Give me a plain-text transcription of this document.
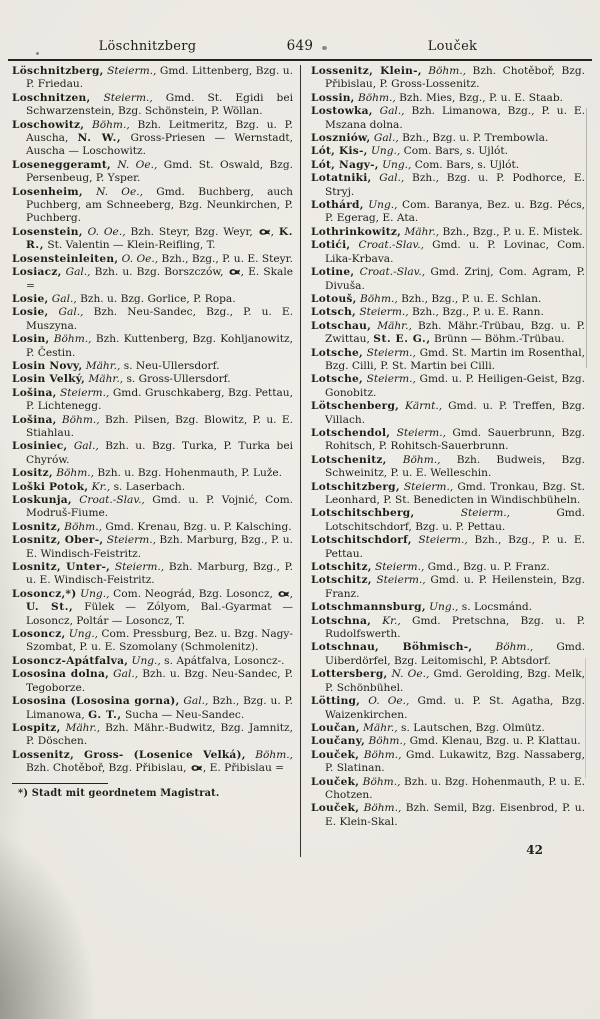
Löschnitzberg	649	Louček

Löschnitzberg, Steierm., Gmd. Littenberg, Bzg. u. P. Friedau.

Loschnitzen, Steierm., Gmd. St. Egidi bei Schwarzenstein, Bzg. Schönstein, P. Wöllan.

Loschowitz, Böhm., Bzh. Leitmeritz, Bzg. u. P. Auscha, N. W., Gross-Priesen — Wernstadt, Auscha — Loschowitz.

Loseneggeramt, N. Oe., Gmd. St. Oswald, Bzg. Persenbeug, P. Ysper.

Losenheim, N. Oe., Gmd. Buchberg, auch Puchberg, am Schneeberg, Bzg. Neunkirchen, P. Puchberg.

Losenstein, O. Oe., Bzh. Steyr, Bzg. Weyr,
, K. R., St. Valentin — Klein-Reifling, T.

Losensteinleiten, O. Oe., Bzh., Bzg., P. u. E. Steyr.

Losiacz, Gal., Bzh. u. Bzg. Borszczów,
, E. Skale =

Losie, Gal., Bzh. u. Bzg. Gorlice, P. Ropa.

Losie, Gal., Bzh. Neu-Sandec, Bzg., P. u. E. Muszyna.

Losin, Böhm., Bzh. Kuttenberg, Bzg. Kohljanowitz, P. Čestin.

Losin Novy, Mähr., s. Neu-Ullersdorf.

Losin Velký, Mähr., s. Gross-Ullersdorf.

Lošina, Steierm., Gmd. Gruschkaberg, Bzg. Pettau, P. Lichtenegg.

Lošina, Böhm., Bzh. Pilsen, Bzg. Blowitz, P. u. E. Stiahlau.

Losiniec, Gal., Bzh. u. Bzg. Turka, P. Turka bei Chyrów.

Lositz, Böhm., Bzh. u. Bzg. Hohenmauth, P. Luže.

Loški Potok, Kr., s. Laserbach.

Loskunja, Croat.-Slav., Gmd. u. P. Vojnić, Com. Modruš-Fiume.

Losnitz, Böhm., Gmd. Krenau, Bzg. u. P. Kalsching.

Losnitz, Ober-, Steierm., Bzh. Marburg, Bzg., P. u. E. Windisch-Feistritz.

Losnitz, Unter-, Steierm., Bzh. Marburg, Bzg., P. u. E. Windisch-Feistritz.

Losoncz,*) Ung., Com. Neográd, Bzg. Losoncz,
, U. St., Fülek — Zólyom, Bal.-Gyarmat — Losoncz, Poltár — Losoncz, T.

Losoncz, Ung., Com. Pressburg, Bez. u. Bzg. Nagy-Szombat, P. u. E. Szomolany (Schmolenitz).

Losoncz-Apátfalva, Ung., s. Apátfalva, Losoncz-.

Lososina dolna, Gal., Bzh. u. Bzg. Neu-Sandec, P. Tegoborze.

Lososina (Lososina gorna), Gal., Bzh., Bzg. u. P. Limanowa, G. T., Sucha — Neu-Sandec.

Lospitz, Mähr., Bzh. Mähr.-Budwitz, Bzg. Jamnitz, P. Döschen.

Lossenitz, Gross- (Losenice Velká), Böhm., Bzh. Chotěboř, Bzg. Přibislau,
, E. Přibislau =

*) Stadt mit geordnetem Magistrat.

Lossenitz, Klein-, Böhm., Bzh. Chotěboř, Bzg. Přibislau, P. Gross-Lossenitz.

Lossin, Böhm., Bzh. Mies, Bzg., P. u. E. Staab.

Lostowka, Gal., Bzh. Limanowa, Bzg., P. u. E. Mszana dolna.

Loszniów, Gal., Bzh., Bzg. u. P. Trembowla.

Lót, Kis-, Ung., Com. Bars, s. Ujlót.

Lót, Nagy-, Ung., Com. Bars, s. Ujlót.

Lotatniki, Gal., Bzh., Bzg. u. P. Podhorce, E. Stryj.

Lothárd, Ung., Com. Baranya, Bez. u. Bzg. Pécs, P. Egerag, E. Ata.

Lothrinkowitz, Mähr., Bzh., Bzg., P. u. E. Mistek.

Lotići, Croat.-Slav., Gmd. u. P. Lovinac, Com. Lika-Krbava.

Lotine, Croat.-Slav., Gmd. Zrinj, Com. Agram, P. Divuša.

Lotouš, Böhm., Bzh., Bzg., P. u. E. Schlan.

Lotsch, Steierm., Bzh., Bzg., P. u. E. Rann.

Lotschau, Mähr., Bzh. Mähr.-Trübau, Bzg. u. P. Zwittau, St. E. G., Brünn — Böhm.-Trübau.

Lotsche, Steierm., Gmd. St. Martin im Rosenthal, Bzg. Cilli, P. St. Martin bei Cilli.

Lotsche, Steierm., Gmd. u. P. Heiligen-Geist, Bzg. Gonobitz.

Lötschenberg, Kärnt., Gmd. u. P. Treffen, Bzg. Villach.

Lotschendol, Steierm., Gmd. Sauerbrunn, Bzg. Rohitsch, P. Rohitsch-Sauerbrunn.

Lotschenitz, Böhm., Bzh. Budweis, Bzg. Schweinitz, P. u. E. Welleschin.

Lotschitzberg, Steierm., Gmd. Tronkau, Bzg. St. Leonhard, P. St. Benedicten in Windischbüheln.

Lotschitschberg, Steierm., Gmd. Lotschitschdorf, Bzg. u. P. Pettau.

Lotschitschdorf, Steierm., Bzh., Bzg., P. u. E. Pettau.

Lotschitz, Steierm., Gmd., Bzg. u. P. Franz.

Lotschitz, Steierm., Gmd. u. P. Heilenstein, Bzg. Franz.

Lotschmannsburg, Ung., s. Locsmánd.

Lotschna, Kr., Gmd. Pretschna, Bzg. u. P. Rudolfswerth.

Lotschnau, Böhmisch-, Böhm., Gmd. Uiberdörfel, Bzg. Leitomischl, P. Abtsdorf.

Lottersberg, N. Oe., Gmd. Gerolding, Bzg. Melk, P. Schönbühel.

Lötting, O. Oe., Gmd. u. P. St. Agatha, Bzg. Waizenkirchen.

Loučan, Mähr., s. Lautschen, Bzg. Olmütz.

Loučany, Böhm., Gmd. Klenau, Bzg. u. P. Klattau.

Louček, Böhm., Gmd. Lukawitz, Bzg. Nassaberg, P. Slatinan.

Louček, Böhm., Bzh. u. Bzg. Hohenmauth, P. u. E. Chotzen.

Louček, Böhm., Bzh. Semil, Bzg. Eisenbrod, P. u. E. Klein-Skal.

42
